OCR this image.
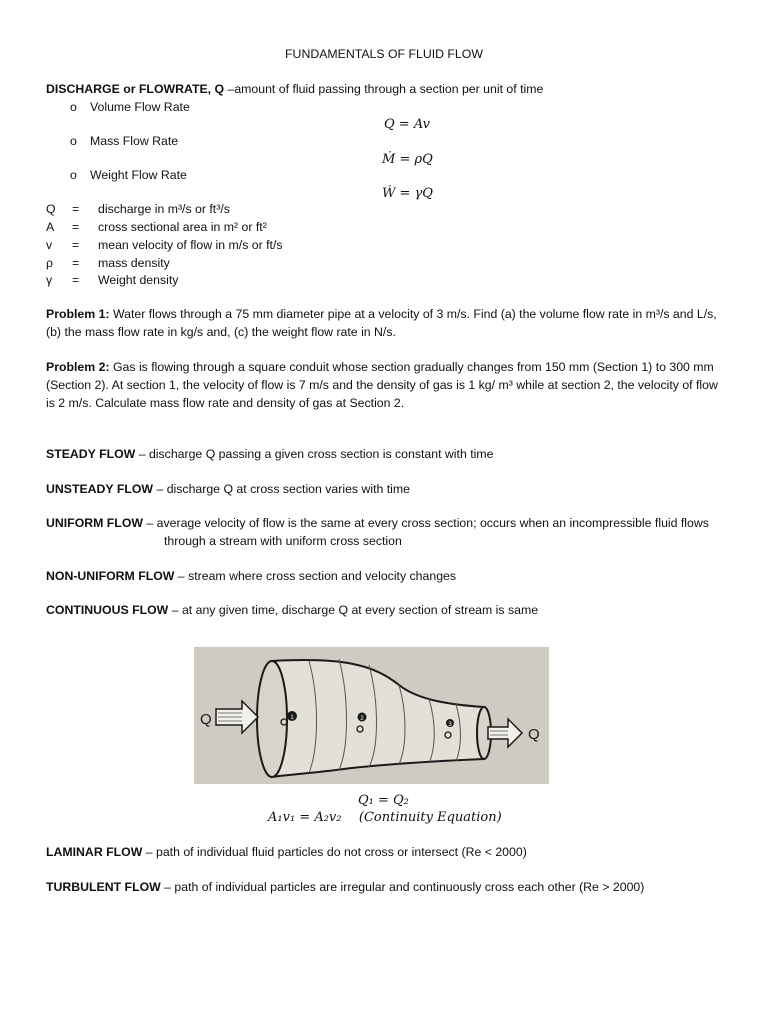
FUNDAMENTALS OF FLUID FLOW
DISCHARGE or FLOWRATE, Q –amount of fluid passing through a section per unit of time
o Volume Flow Rate
Q = Av
o Mass Flow Rate
Ṁ = ρQ
o Weight Flow Rate
Ẇ = γQ
Q = discharge in m³/s or ft³/s
A = cross sectional area in m² or ft²
v = mean velocity of flow in m/s or ft/s
ρ = mass density
γ = Weight density
Problem 1: Water flows through a 75 mm diameter pipe at a velocity of 3 m/s. Find (a) the volume flow rate in m³/s and L/s, (b) the mass flow rate in kg/s and, (c) the weight flow rate in N/s.
Problem 2: Gas is flowing through a square conduit whose section gradually changes from 150 mm (Section 1) to 300 mm (Section 2). At section 1, the velocity of flow is 7 m/s and the density of gas is 1 kg/ m³ while at section 2, the velocity of flow is 2 m/s. Calculate mass flow rate and density of gas at Section 2.
STEADY FLOW – discharge Q passing a given cross section is constant with time
UNSTEADY FLOW – discharge Q at cross section varies with time
UNIFORM FLOW – average velocity of flow is the same at every cross section; occurs when an incompressible fluid flows
through a stream with uniform cross section
NON-UNIFORM FLOW – stream where cross section and velocity changes
CONTINUOUS FLOW – at any given time, discharge Q at every section of stream is same
1	2
3
Q
Q
Q₁ = Q₂
A₁v₁ = A₂v₂ (Continuity Equation)
LAMINAR FLOW – path of individual fluid particles do not cross or intersect (Re < 2000)
TURBULENT FLOW – path of individual particles are irregular and continuously cross each other (Re > 2000)
